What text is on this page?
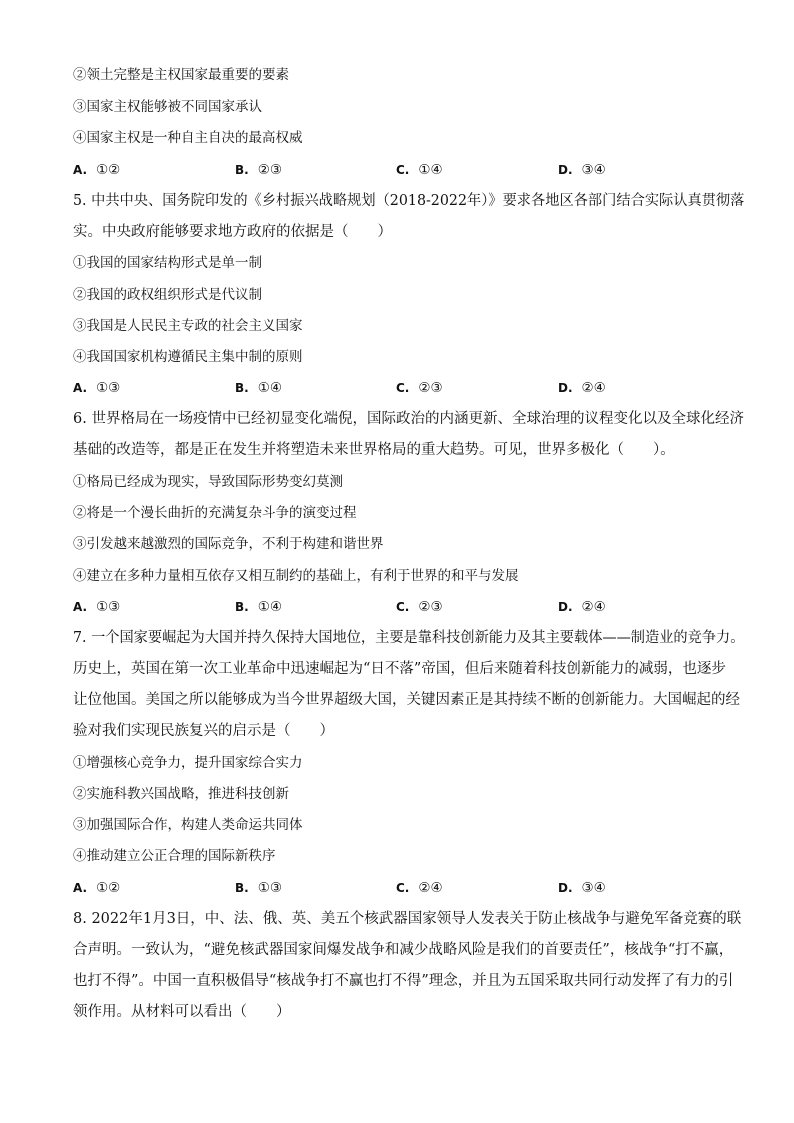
②领土完整是主权国家最重要的要素
③国家主权能够被不同国家承认
④国家主权是一种自主自决的最高权威
A. ①②	B. ②③	C. ①④	D. ③④
5. 中共中央、国务院印发的《乡村振兴战略规划（2018-2022年）》要求各地区各部门结合实际认真贯彻落
实。中央政府能够要求地方政府的依据是（　　）
①我国的国家结构形式是单一制
②我国的政权组织形式是代议制
③我国是人民民主专政的社会主义国家
④我国国家机构遵循民主集中制的原则
A. ①③	B. ①④	C. ②③	D. ②④
6. 世界格局在一场疫情中已经初显变化端倪，国际政治的内涵更新、全球治理的议程变化以及全球化经济
基础的改造等，都是正在发生并将塑造未来世界格局的重大趋势。可见，世界多极化（　　）。
①格局已经成为现实，导致国际形势变幻莫测
②将是一个漫长曲折的充满复杂斗争的演变过程
③引发越来越激烈的国际竞争，不利于构建和谐世界
④建立在多种力量相互依存又相互制约的基础上，有利于世界的和平与发展
A. ①③	B. ①④	C. ②③	D. ②④
7. 一个国家要崛起为大国并持久保持大国地位，主要是靠科技创新能力及其主要载体——制造业的竞争力。
历史上，英国在第一次工业革命中迅速崛起为“日不落”帝国，但后来随着科技创新能力的减弱，也逐步
让位他国。美国之所以能够成为当今世界超级大国，关键因素正是其持续不断的创新能力。大国崛起的经
验对我们实现民族复兴的启示是（　　）
①增强核心竞争力，提升国家综合实力
②实施科教兴国战略，推进科技创新
③加强国际合作，构建人类命运共同体
④推动建立公正合理的国际新秩序
A. ①②	B. ①③	C. ②④	D. ③④
8. 2022年1月3日，中、法、俄、英、美五个核武器国家领导人发表关于防止核战争与避免军备竞赛的联
合声明。一致认为，“避免核武器国家间爆发战争和减少战略风险是我们的首要责任”，核战争“打不赢，
也打不得”。中国一直积极倡导“核战争打不赢也打不得”理念，并且为五国采取共同行动发挥了有力的引
领作用。从材料可以看出（　　）
